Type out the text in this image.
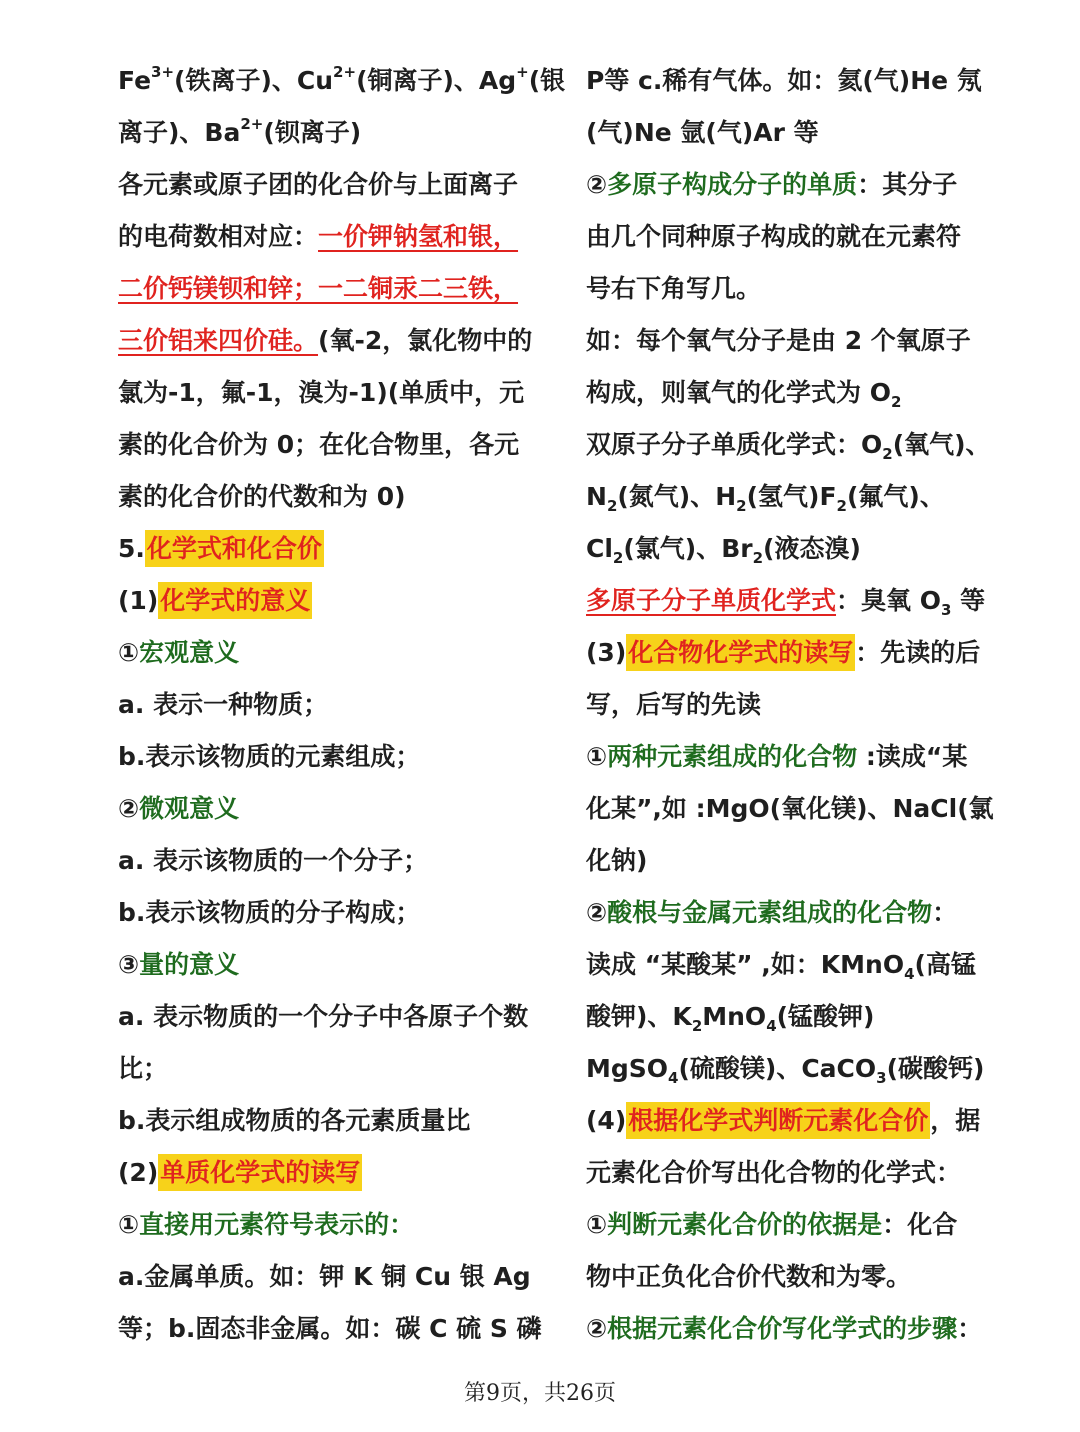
$Fe^{3+}$(铁离子)、$Cu^{2+}$(铜离子)、Ag+(银
离子)、$Ba^{2+}$(钡离子)
各元素或原子团的化合价与上面离子
的电荷数相对应：一价钾钠氢和银，
二价钙镁钡和锌；一二铜汞二三铁，
三价铝来四价硅。(氧-2，氯化物中的
氯为-1，氟-1，溴为-1)(单质中，元
素的化合价为 0；在化合物里，各元
素的化合价的代数和为 0)
5.化学式和化合价
(1)化学式的意义
①宏观意义
a. 表示一种物质；
b.表示该物质的元素组成；
②微观意义
a. 表示该物质的一个分子；
b.表示该物质的分子构成；
③量的意义
a. 表示物质的一个分子中各原子个数
比；
b.表示组成物质的各元素质量比
(2)单质化学式的读写
①直接用元素符号表示的：
a.金属单质。如：钾 K 铜 Cu 银 Ag
等；b.固态非金属。如：碳 C 硫 S 磷
P等 c.稀有气体。如：氦(气)He 氖
(气)Ne 氩(气)Ar 等
②多原子构成分子的单质：其分子
由几个同种原子构成的就在元素符
号右下角写几。
如：每个氧气分子是由 2 个氧原子
构成，则氧气的化学式为 $O_2$
双原子分子单质化学式：$O_2$(氧气)、
$N_2$(氮气)、$H_2$(氢气)$F_2$(氟气)、
$Cl_2$(氯气)、$Br_2$(液态溴)
多原子分子单质化学式：臭氧 $O_3$ 等
(3)化合物化学式的读写：先读的后
写，后写的先读
①两种元素组成的化合物 :读成“某
化某”,如 :MgO(氧化镁)、NaCl(氯
化钠)
②酸根与金属元素组成的化合物：
读成 “某酸某” ,如：KMnO$_4$(高锰
酸钾)、$K_2MnO_4$(锰酸钾)
MgSO$_4$(硫酸镁)、CaCO$_3$(碳酸钙)
(4)根据化学式判断元素化合价，据
元素化合价写出化合物的化学式：
①判断元素化合价的依据是：化合
物中正负化合价代数和为零。
②根据元素化合价写化学式的步骤：
第9页，共26页
